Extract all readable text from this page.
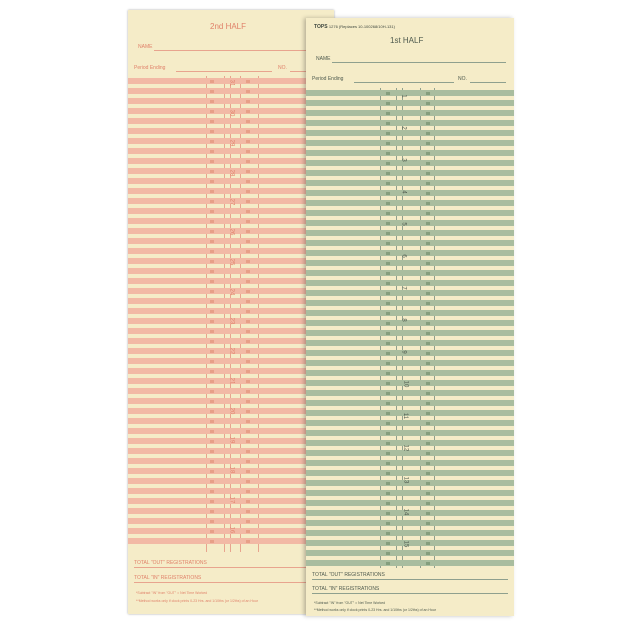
2nd HALF
NAME
Period Ending	NO.
31
30
29
28
27
26
25
24
23
22
21
20
19
18
17
16
TOTAL "OUT" REGISTRATIONS
TOTAL "IN" REGISTRATIONS
*Subtract "IN" from "OUT" = Net Time Worked
**Method works only if clock prints 0-23 Hrs. and 1/10ths (or 1/2ths) of an Hour
TOPS 1276 (Replaces 10-100268/10H-131)
1st HALF
NAME
Period Ending	NO.
1
2
3
4
5
6
7
8
9
10
11
12
13
14
15
TOTAL "OUT" REGISTRATIONS
TOTAL "IN" REGISTRATIONS
*Subtract "IN" from "OUT" = Net Time Worked
**Method works only if clock prints 0-23 Hrs. and 1/10ths (or 1/2ths) of an Hour
